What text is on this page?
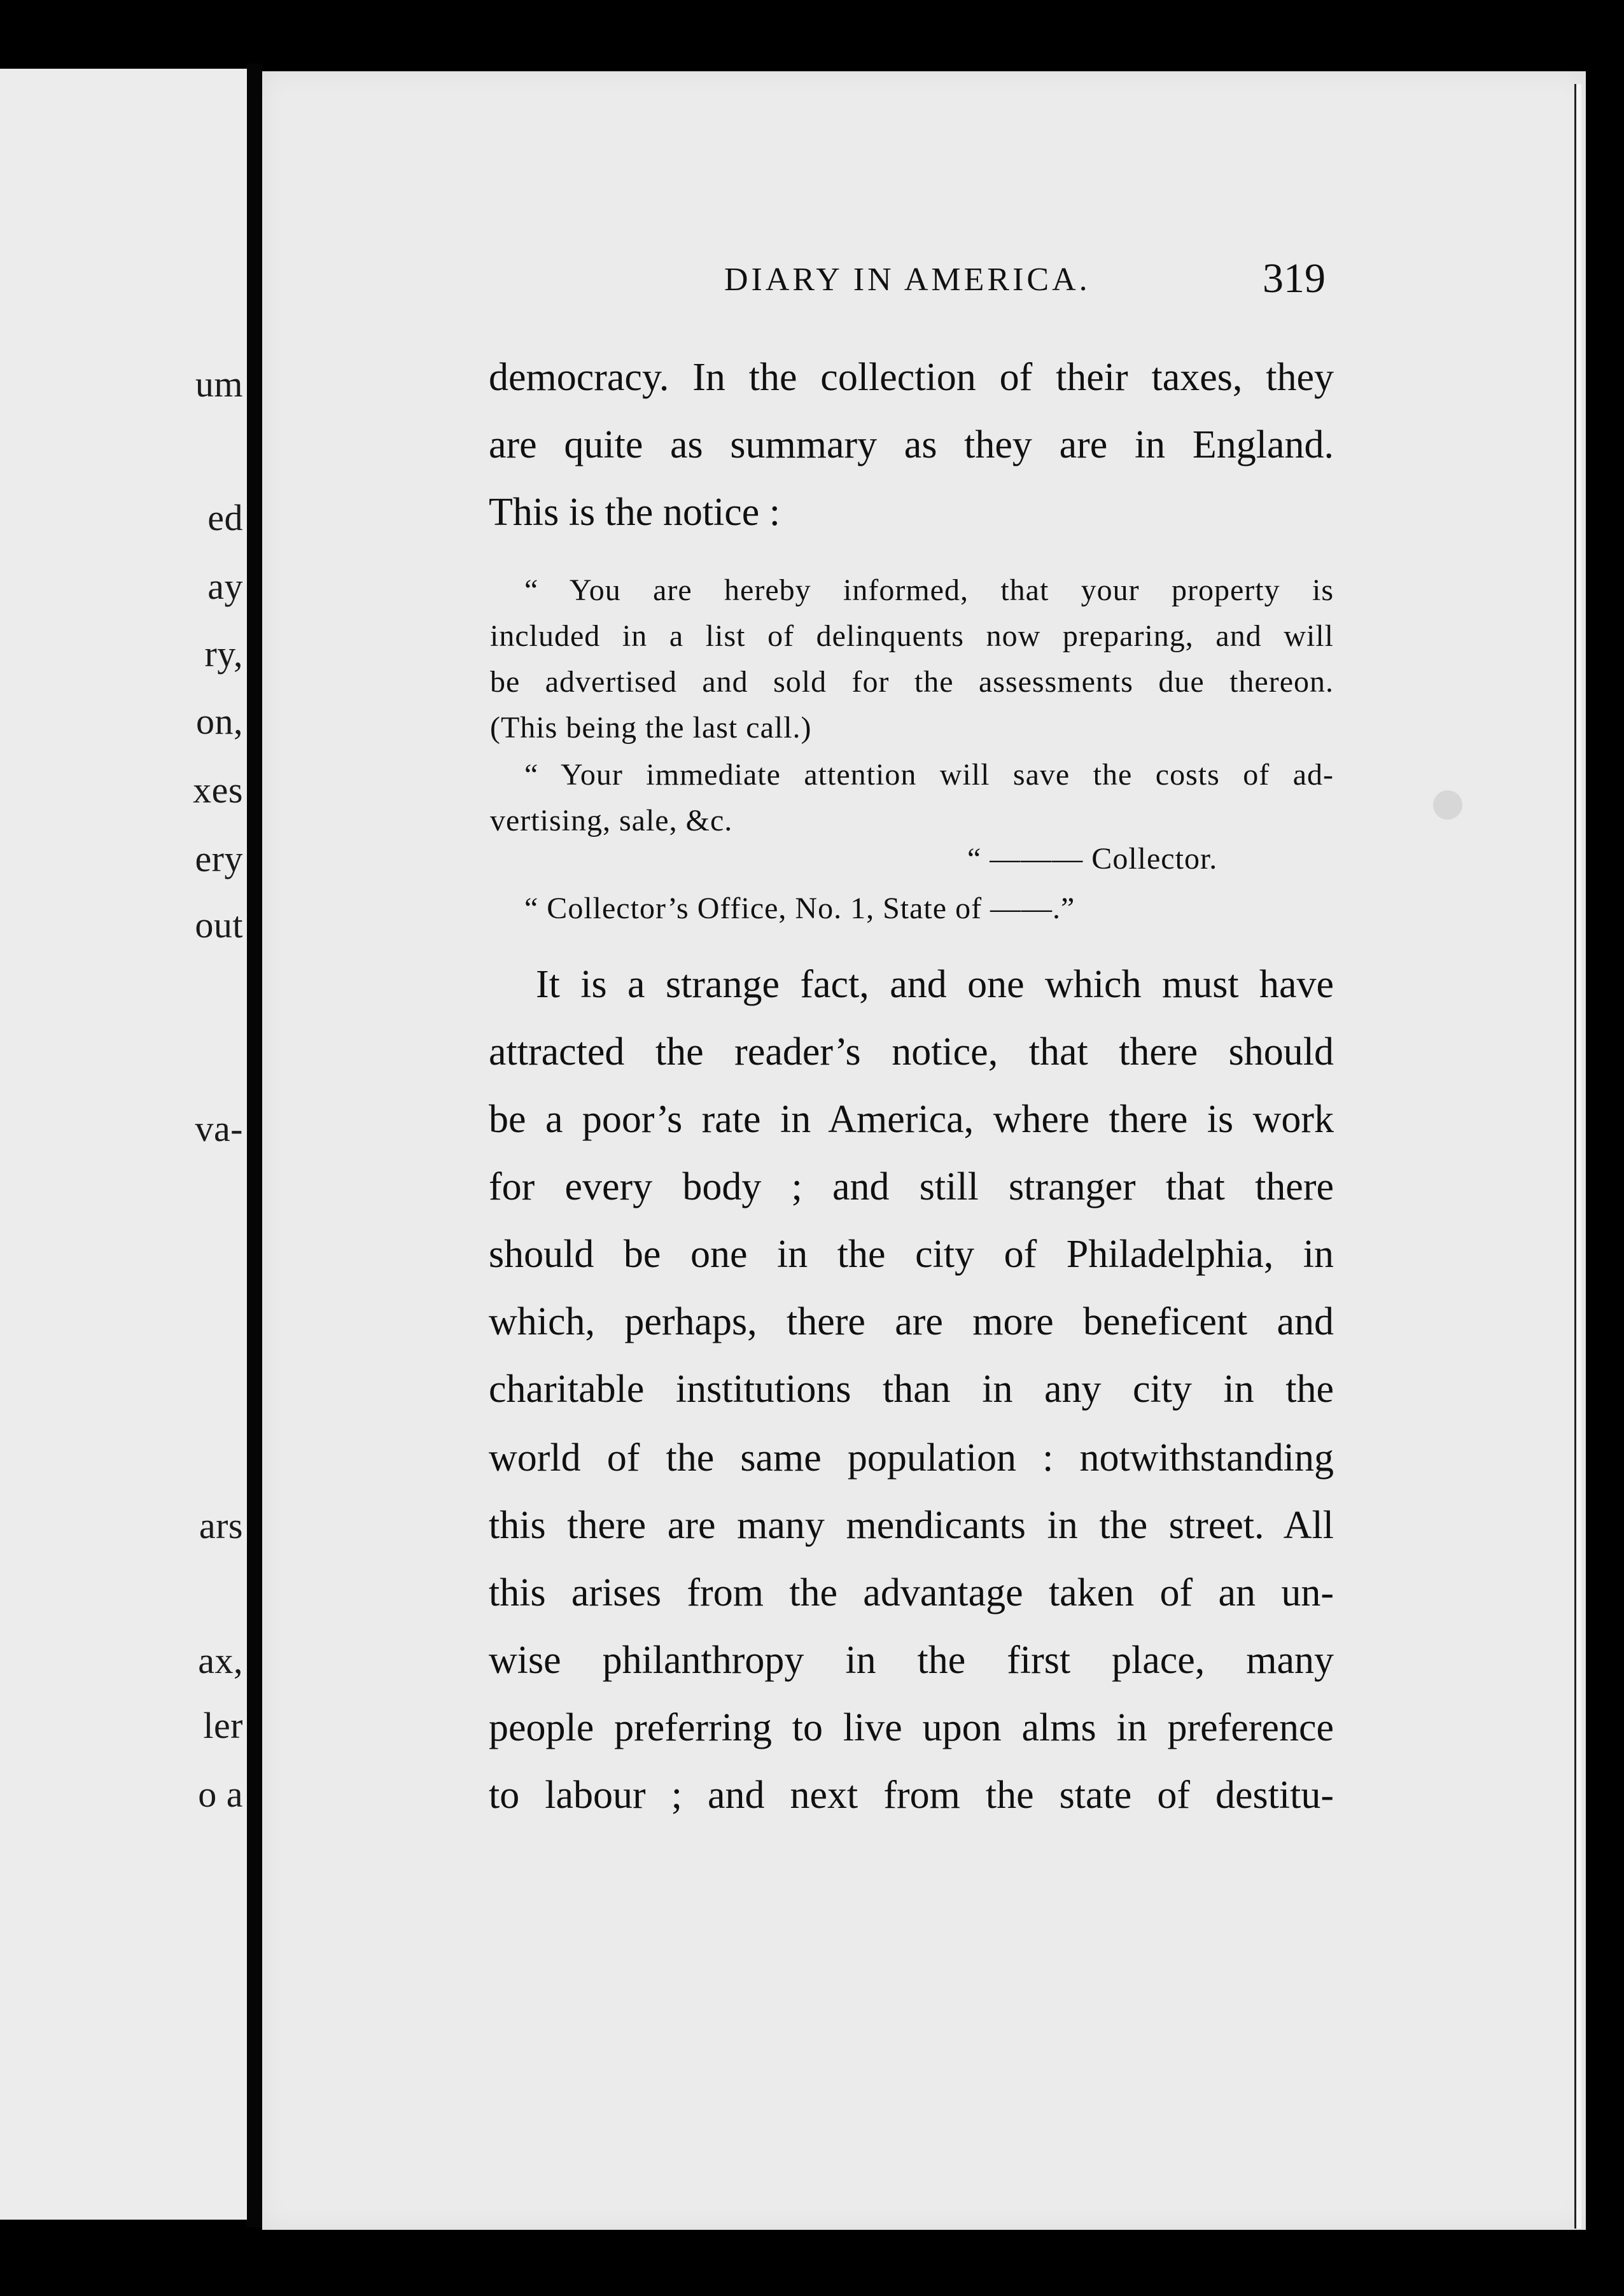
um
ed
ay
ry,
on,
xes
ery
out
va-
ars
ax,
ler
o a
DIARY IN AMERICA.	319
democracy. In the collection of their taxes, they
are quite as summary as they are in England.
This is the notice :
“ You are hereby informed, that your property is
included in a list of delinquents now preparing, and will
be advertised and sold for the assessments due thereon.
(This being the last call.)
“ Your immediate attention will save the costs of ad-
vertising, sale, &c.
“ ——— Collector.
“ Collector’s Office, No. 1, State of ——.”
It is a strange fact, and one which must have
attracted the reader’s notice, that there should
be a poor’s rate in America, where there is work
for every body ; and still stranger that there
should be one in the city of Philadelphia, in
which, perhaps, there are more beneficent and
charitable institutions than in any city in the
world of the same population : notwithstanding
this there are many mendicants in the street. All
this arises from the advantage taken of an un-
wise philanthropy in the first place, many
people preferring to live upon alms in preference
to labour ; and next from the state of destitu-
